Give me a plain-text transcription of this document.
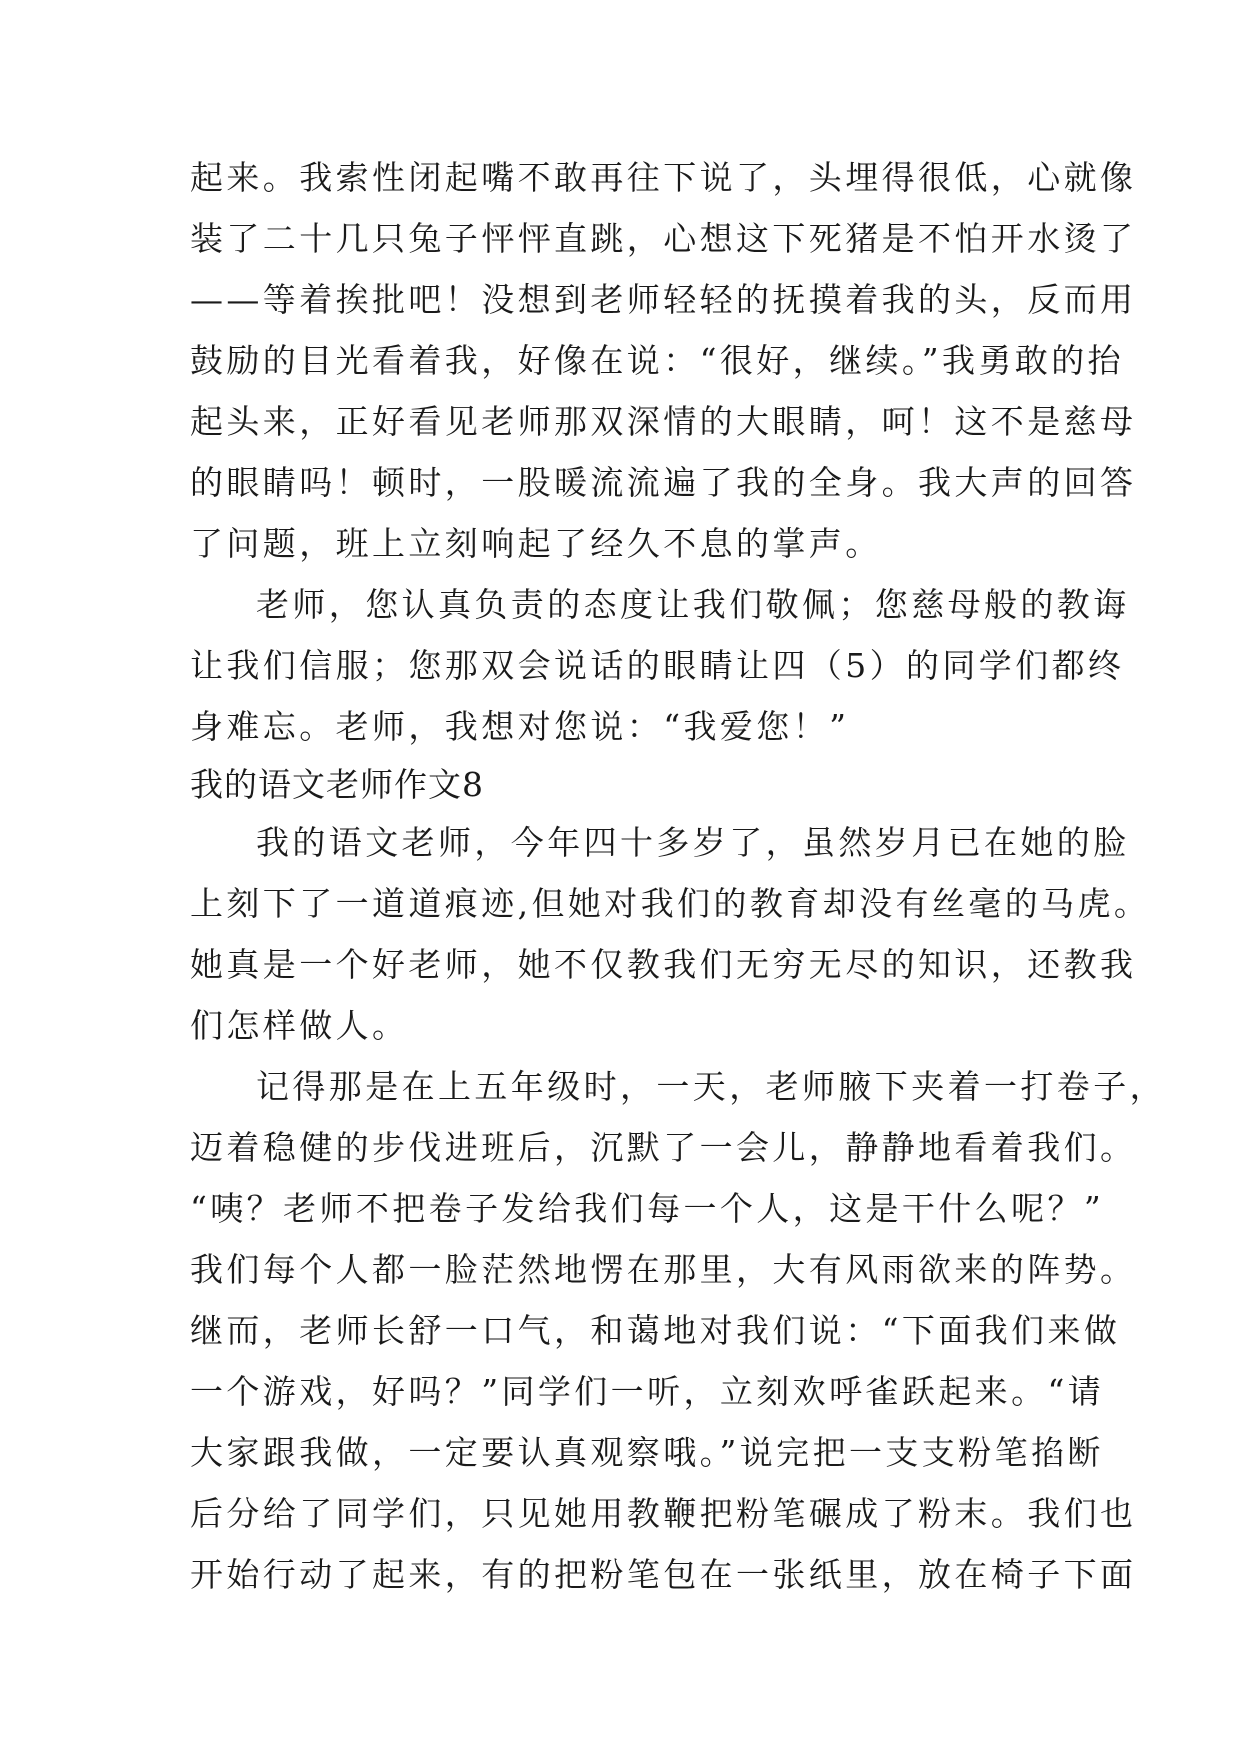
起来。我索性闭起嘴不敢再往下说了，头埋得很低，心就像
装了二十几只兔子怦怦直跳，心想这下死猪是不怕开水烫了
——等着挨批吧！没想到老师轻轻的抚摸着我的头，反而用
鼓励的目光看着我，好像在说：“很好，继续。”我勇敢的抬
起头来，正好看见老师那双深情的大眼睛，呵！这不是慈母
的眼睛吗！顿时，一股暖流流遍了我的全身。我大声的回答
了问题，班上立刻响起了经久不息的掌声。
老师，您认真负责的态度让我们敬佩；您慈母般的教诲
让我们信服；您那双会说话的眼睛让四（5）的同学们都终
身难忘。老师，我想对您说：“我爱您！”
我的语文老师作文8
我的语文老师，今年四十多岁了，虽然岁月已在她的脸
上刻下了一道道痕迹,但她对我们的教育却没有丝毫的马虎。
她真是一个好老师，她不仅教我们无穷无尽的知识，还教我
们怎样做人。
记得那是在上五年级时，一天，老师腋下夹着一打卷子，
迈着稳健的步伐进班后，沉默了一会儿，静静地看着我们。
“咦？老师不把卷子发给我们每一个人，这是干什么呢？”
我们每个人都一脸茫然地愣在那里，大有风雨欲来的阵势。
继而，老师长舒一口气，和蔼地对我们说：“下面我们来做
一个游戏，好吗？”同学们一听，立刻欢呼雀跃起来。“请
大家跟我做，一定要认真观察哦。”说完把一支支粉笔掐断
后分给了同学们，只见她用教鞭把粉笔碾成了粉末。我们也
开始行动了起来，有的把粉笔包在一张纸里，放在椅子下面
